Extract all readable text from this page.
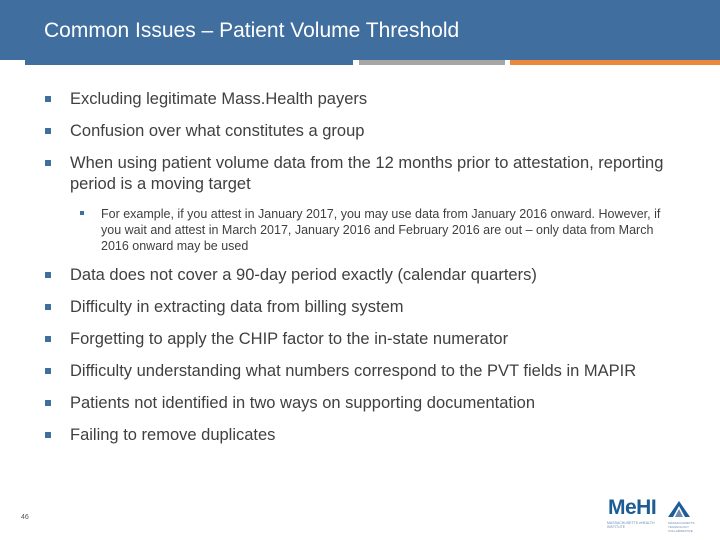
Common Issues – Patient Volume Threshold
Excluding legitimate Mass.Health payers
Confusion over what constitutes a group
When using patient volume data from the 12 months prior to attestation, reporting period is a moving target
For example, if you attest in January 2017, you may use data from January 2016 onward. However, if you wait and attest in March 2017, January 2016 and February 2016 are out – only data from March 2016 onward may be used
Data does not cover a 90-day period exactly (calendar quarters)
Difficulty in extracting data from billing system
Forgetting to apply the CHIP factor to the in-state numerator
Difficulty understanding what numbers correspond to the PVT fields in MAPIR
Patients not identified in two ways on supporting documentation
Failing to remove duplicates
46	MeHI
MASSACHUSETTS eHEALTH INSTITUTE
MASSACHUSETTS TECHNOLOGY COLLABORATIVE
